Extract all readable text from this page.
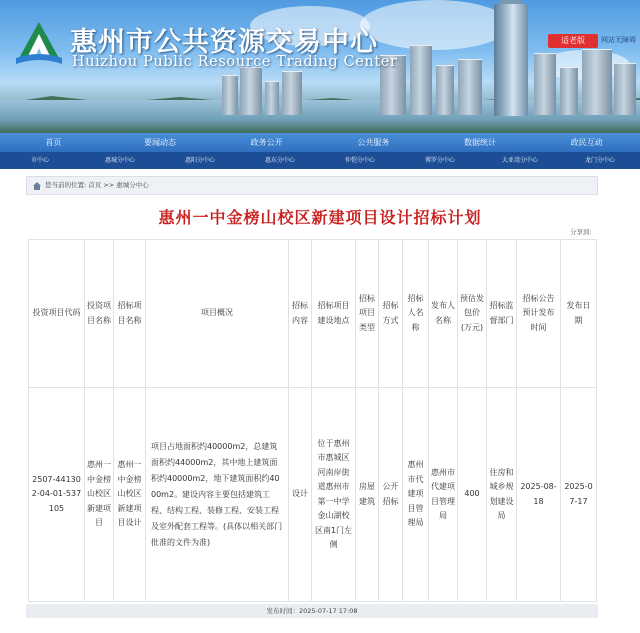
惠州市公共资源交易中心
Huizhou Public Resource Trading Center
适老版	网站无障碍
首页	要闻动态	政务公开	公共服务	数据统计	政民互动
市中心	惠城分中心	惠阳分中心	惠东分中心	仲恺分中心	博罗分中心	大亚湾分中心	龙门分中心
您当前的位置: 首页 >> 惠城分中心
惠州一中金榜山校区新建项目设计招标计划
分享到:
投资项目代码	投资项目名称	招标项目名称	项目概况	招标内容	招标项目建设地点	招标项目类型	招标方式	招标人名称	发布人名称	预估发包价(万元)	招标监督部门	招标公告预计发布时间	发布日期
2507-441302-04-01-537105	惠州一中金榜山校区新建项目	惠州一中金榜山校区新建项目设计	项目占地面积约40000m2，总建筑面积约44000m2，其中地上建筑面积约40000m2，地下建筑面积约4000m2。建设内容主要包括建筑工程、结构工程、装修工程、安装工程及室外配套工程等。(具体以相关部门批准的文件为准)	设计	位于惠州市惠城区河南岸街道惠州市第一中学金山湖校区南1门左侧	房屋建筑	公开招标	惠州市代建项目管理局	惠州市代建项目管理局	400	住房和城乡规划建设局	2025-08-18	2025-07-17
发布时间：2025-07-17 17:08
